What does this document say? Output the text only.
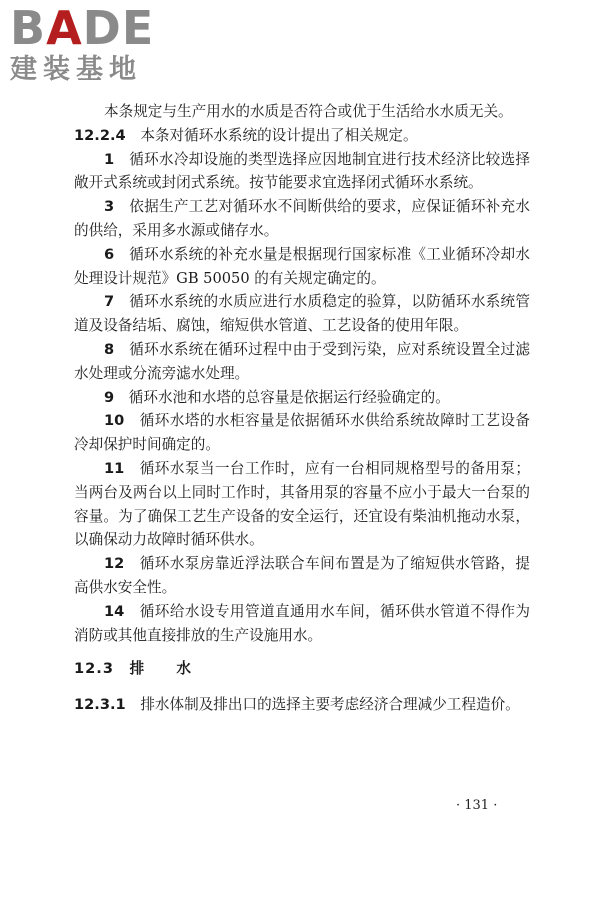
BADE
建装基地

本条规定与生产用水的水质是否符合或优于生活给水水质无关。

12.2.4　 本条对循环水系统的设计提出了相关规定。

1　 循环水冷却设施的类型选择应因地制宜进行技术经济比较选择敞开式系统或封闭式系统。按节能要求宜选择闭式循环水系统。

3　 依据生产工艺对循环水不间断供给的要求，应保证循环补充水的供给，采用多水源或储存水。

6　 循环水系统的补充水量是根据现行国家标准《工业循环冷却水处理设计规范》GB 50050 的有关规定确定的。

7　 循环水系统的水质应进行水质稳定的验算，以防循环水系统管道及设备结垢、腐蚀，缩短供水管道、工艺设备的使用年限。

8　 循环水系统在循环过程中由于受到污染，应对系统设置全过滤水处理或分流旁滤水处理。

9　 循环水池和水塔的总容量是依据运行经验确定的。

10　 循环水塔的水柜容量是依据循环水供给系统故障时工艺设备冷却保护时间确定的。

11　 循环水泵当一台工作时，应有一台相同规格型号的备用泵；当两台及两台以上同时工作时，其备用泵的容量不应小于最大一台泵的容量。为了确保工艺生产设备的安全运行，还宜设有柴油机拖动水泵，以确保动力故障时循环供水。

12　 循环水泵房靠近浮法联合车间布置是为了缩短供水管路，提高供水安全性。

14　 循环给水设专用管道直通用水车间，循环供水管道不得作为消防或其他直接排放的生产设施用水。

12.3　排　　水

12.3.1　 排水体制及排出口的选择主要考虑经济合理减少工程造价。

· 131 ·
